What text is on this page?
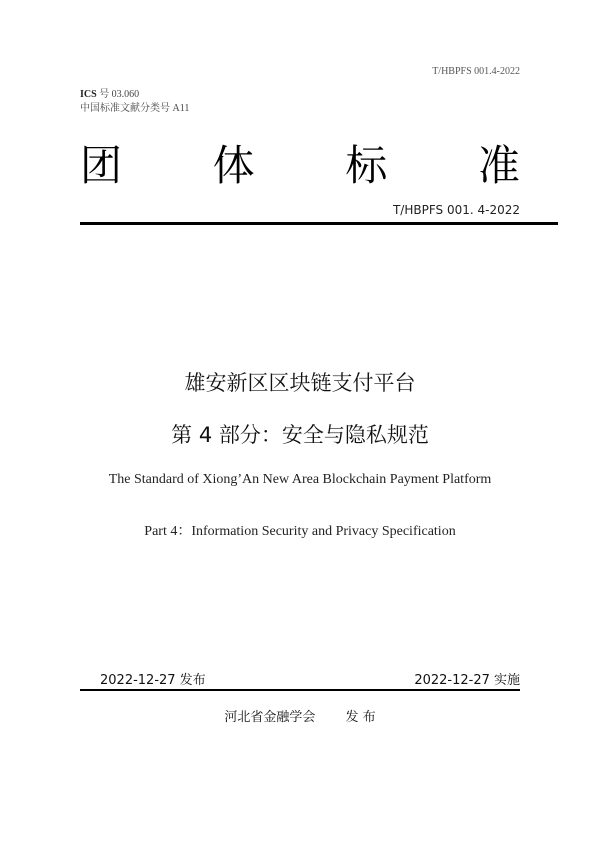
T/HBPFS 001.4-2022
ICS 号 03.060
中国标准文献分类号 A11
团 体 标 准
T/HBPFS 001. 4-2022
雄安新区区块链支付平台
第 4 部分：安全与隐私规范
The Standard of Xiong’An New Area Blockchain Payment Platform
Part 4：Information Security and Privacy Specification
2022-12-27 发布	2022-12-27 实施
河北省金融学会 发 布
